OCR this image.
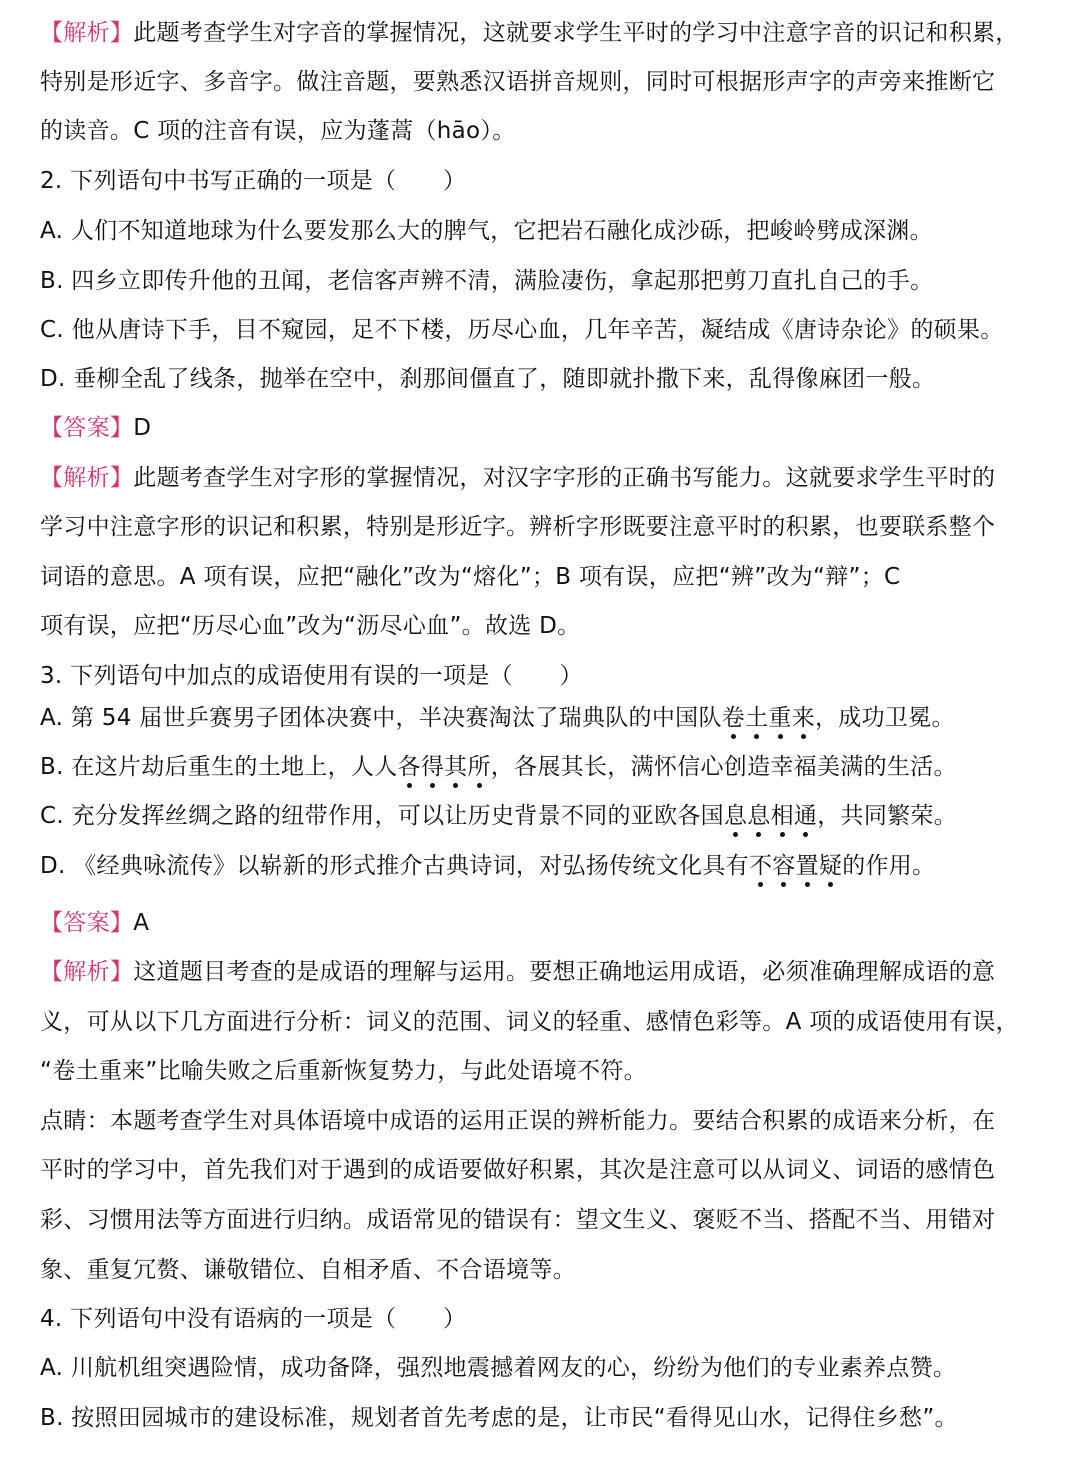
【解析】此题考查学生对字音的掌握情况，这就要求学生平时的学习中注意字音的识记和积累，
特别是形近字、多音字。做注音题，要熟悉汉语拼音规则，同时可根据形声字的声旁来推断它
的读音。C 项的注音有误，应为蓬蒿（hāo）。
2. 下列语句中书写正确的一项是（　　）
A. 人们不知道地球为什么要发那么大的脾气，它把岩石融化成沙砾，把峻岭劈成深渊。
B. 四乡立即传升他的丑闻，老信客声辨不清，满脸凄伤，拿起那把剪刀直扎自己的手。
C. 他从唐诗下手，目不窥园，足不下楼，历尽心血，几年辛苦，凝结成《唐诗杂论》的硕果。
D. 垂柳全乱了线条，抛举在空中，刹那间僵直了，随即就扑撒下来，乱得像麻团一般。
【答案】D
【解析】此题考查学生对字形的掌握情况，对汉字字形的正确书写能力。这就要求学生平时的
学习中注意字形的识记和积累，特别是形近字。辨析字形既要注意平时的积累，也要联系整个
词语的意思。A 项有误，应把“融化”改为“熔化”；B 项有误，应把“辨”改为“辩”；C
项有误，应把“历尽心血”改为“沥尽心血”。故选 D。
3. 下列语句中加点的成语使用有误的一项是（　　）
A. 第 54 届世乒赛男子团体决赛中，半决赛淘汰了瑞典队的中国队卷土重来，成功卫冕。
B. 在这片劫后重生的土地上，人人各得其所，各展其长，满怀信心创造幸福美满的生活。
C. 充分发挥丝绸之路的纽带作用，可以让历史背景不同的亚欧各国息息相通，共同繁荣。
D. 《经典咏流传》以崭新的形式推介古典诗词，对弘扬传统文化具有不容置疑的作用。
【答案】A
【解析】这道题目考查的是成语的理解与运用。要想正确地运用成语，必须准确理解成语的意
义，可从以下几方面进行分析：词义的范围、词义的轻重、感情色彩等。A 项的成语使用有误，
“卷土重来”比喻失败之后重新恢复势力，与此处语境不符。
点睛：本题考查学生对具体语境中成语的运用正误的辨析能力。要结合积累的成语来分析，在
平时的学习中，首先我们对于遇到的成语要做好积累，其次是注意可以从词义、词语的感情色
彩、习惯用法等方面进行归纳。成语常见的错误有：望文生义、褒贬不当、搭配不当、用错对
象、重复冗赘、谦敬错位、自相矛盾、不合语境等。
4. 下列语句中没有语病的一项是（　　）
A. 川航机组突遇险情，成功备降，强烈地震撼着网友的心，纷纷为他们的专业素养点赞。
B. 按照田园城市的建设标准，规划者首先考虑的是，让市民“看得见山水，记得住乡愁”。
